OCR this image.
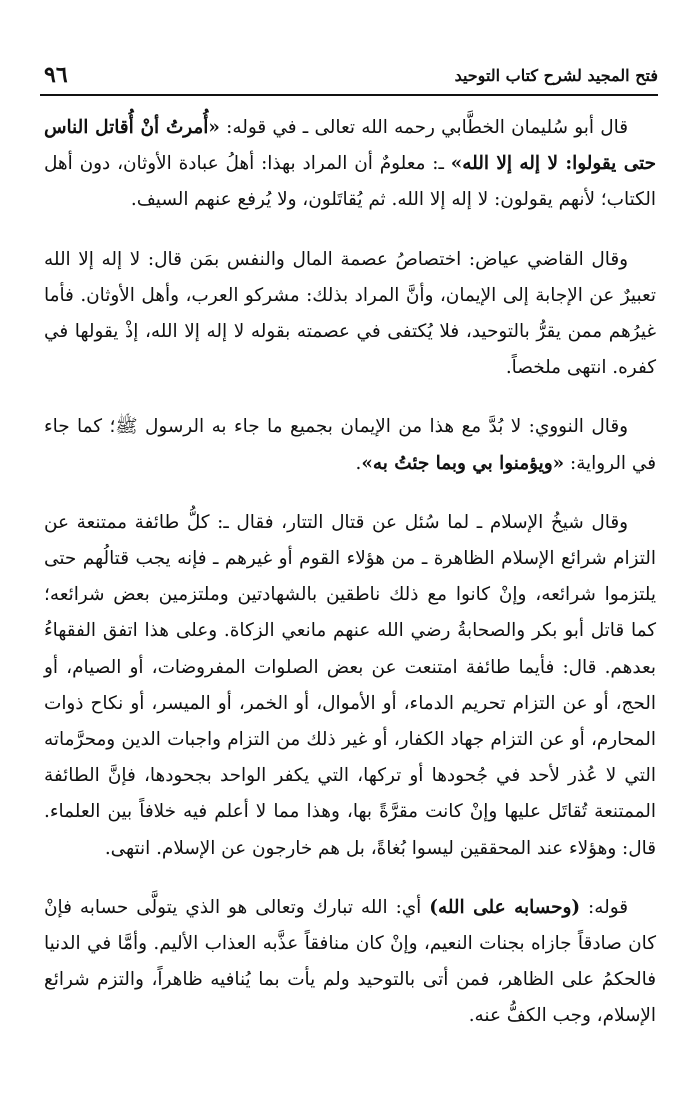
فتح المجيد لشرح كتاب التوحيد
٩٦

قال أبو سُليمان الخطَّابي رحمه الله تعالى ـ في قوله: «أُمرتُ أنْ أُقاتل الناس حتى يقولوا: لا إله إلا الله» ـ: معلومٌ أن المراد بهذا: أهلُ عبادة الأوثان، دون أهل الكتاب؛ لأنهم يقولون: لا إله إلا الله. ثم يُقاتَلون، ولا يُرفع عنهم السيف.

وقال القاضي عياض: اختصاصُ عصمة المال والنفس بمَن قال: لا إله إلا الله تعبيرٌ عن الإجابة إلى الإيمان، وأنَّ المراد بذلك: مشركو العرب، وأهل الأوثان. فأما غيرُهم ممن يقرُّ بالتوحيد، فلا يُكتفى في عصمته بقوله لا إله إلا الله، إذْ يقولها في كفره. انتهى ملخصاً.

وقال النووي: لا بُدَّ مع هذا من الإيمان بجميع ما جاء به الرسول ﷺ؛ كما جاء في الرواية: «ويؤمنوا بي وبما جئتُ به».

وقال شيخُ الإسلام ـ لما سُئل عن قتال التتار، فقال ـ: كلُّ طائفة ممتنعة عن التزام شرائع الإسلام الظاهرة ـ من هؤلاء القوم أو غيرهم ـ فإنه يجب قتالُهم حتى يلتزموا شرائعه، وإنْ كانوا مع ذلك ناطقين بالشهادتين وملتزمين بعض شرائعه؛ كما قاتل أبو بكر والصحابةُ رضي الله عنهم مانعي الزكاة. وعلى هذا اتفق الفقهاءُ بعدهم. قال: فأيما طائفة امتنعت عن بعض الصلوات المفروضات، أو الصيام، أو الحج، أو عن التزام تحريم الدماء، أو الأموال، أو الخمر، أو الميسر، أو نكاح ذوات المحارم، أو عن التزام جهاد الكفار، أو غير ذلك من التزام واجبات الدين ومحرَّماته التي لا عُذر لأحد في جُحودها أو تركها، التي يكفر الواحد بجحودها، فإنَّ الطائفة الممتنعة تُقاتَل عليها وإنْ كانت مقرَّةً بها، وهذا مما لا أعلم فيه خلافاً بين العلماء. قال: وهؤلاء عند المحققين ليسوا بُغاةً، بل هم خارجون عن الإسلام. انتهى.

قوله: (وحسابه على الله) أي: الله تبارك وتعالى هو الذي يتولَّى حسابه فإنْ كان صادقاً جازاه بجنات النعيم، وإنْ كان منافقاً عذَّبه العذاب الأليم. وأمَّا في الدنيا فالحكمُ على الظاهر، فمن أتى بالتوحيد ولم يأت بما يُنافيه ظاهراً، والتزم شرائع الإسلام، وجب الكفُّ عنه.
